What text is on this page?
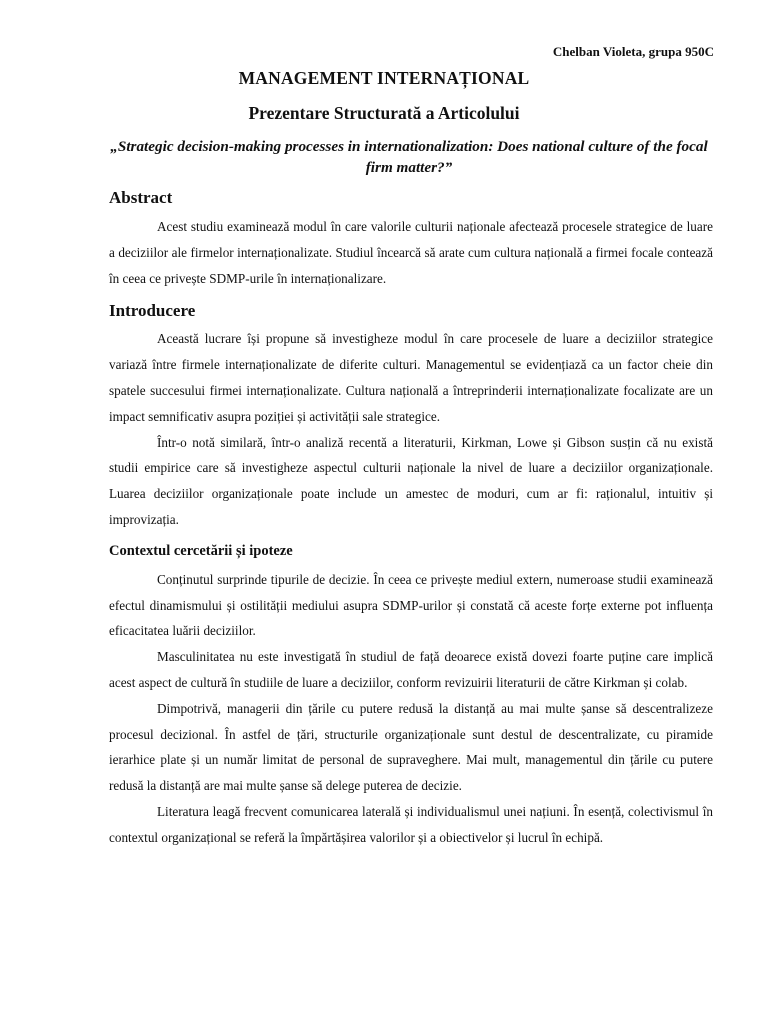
Chelban Violeta, grupa 950C
MANAGEMENT INTERNAȚIONAL
Prezentare Structurată a Articolului
„Strategic decision-making processes in internationalization: Does national culture of the focal firm matter?”
Abstract

Acest studiu examinează modul în care valorile culturii naționale afectează procesele strategice de luare a deciziilor ale firmelor internaționalizate. Studiul încearcă să arate cum cultura națională a firmei focale contează în ceea ce privește SDMP-urile în internaționalizare.

Introducere

Această lucrare își propune să investigheze modul în care procesele de luare a deciziilor strategice variază între firmele internaționalizate de diferite culturi. Managementul se evidențiază ca un factor cheie din spatele succesului firmei internaționalizate. Cultura națională a întreprinderii internaționalizate focalizate are un impact semnificativ asupra poziției și activității sale strategice.

Într-o notă similară, într-o analiză recentă a literaturii, Kirkman, Lowe și Gibson susțin că nu există studii empirice care să investigheze aspectul culturii naționale la nivel de luare a deciziilor organizaționale. Luarea deciziilor organizaționale poate include un amestec de moduri, cum ar fi: raționalul, intuitiv și improvizația.

Contextul cercetării și ipoteze

Conținutul surprinde tipurile de decizie. În ceea ce privește mediul extern, numeroase studii examinează efectul dinamismului și ostilității mediului asupra SDMP-urilor și constată că aceste forțe externe pot influența eficacitatea luării deciziilor.

Masculinitatea nu este investigată în studiul de față deoarece există dovezi foarte puține care implică acest aspect de cultură în studiile de luare a deciziilor, conform revizuirii literaturii de către Kirkman și colab.

Dimpotrivă, managerii din țările cu putere redusă la distanță au mai multe șanse să descentralizeze procesul decizional. În astfel de țări, structurile organizaționale sunt destul de descentralizate, cu piramide ierarhice plate și un număr limitat de personal de supraveghere. Mai mult, managementul din țările cu putere redusă la distanță are mai multe șanse să delege puterea de decizie.

Literatura leagă frecvent comunicarea laterală și individualismul unei națiuni. În esență, colectivismul în contextul organizațional se referă la împărtășirea valorilor și a obiectivelor și lucrul în echipă.
